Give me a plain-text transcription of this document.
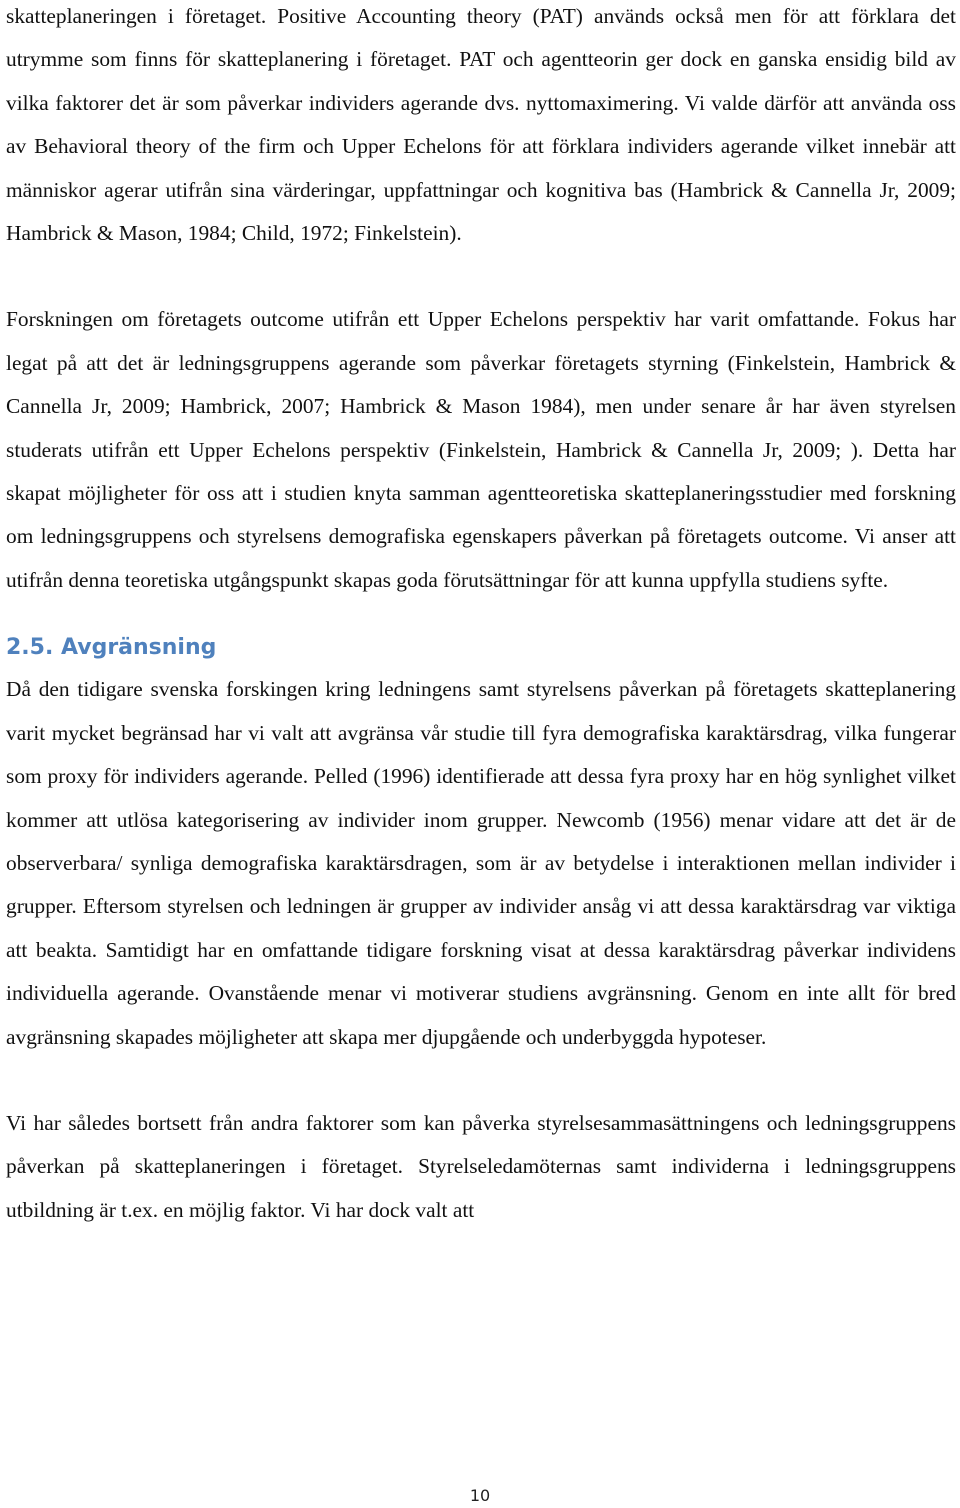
skatteplaneringen i företaget. Positive Accounting theory (PAT) används också men för att förklara det utrymme som finns för skatteplanering i företaget. PAT och agentteorin ger dock en ganska ensidig bild av vilka faktorer det är som påverkar individers agerande dvs. nyttomaximering. Vi valde därför att använda oss av Behavioral theory of the firm och Upper Echelons för att förklara individers agerande vilket innebär att människor agerar utifrån sina värderingar, uppfattningar och kognitiva bas (Hambrick & Cannella Jr, 2009; Hambrick & Mason, 1984; Child, 1972; Finkelstein).

Forskningen om företagets outcome utifrån ett Upper Echelons perspektiv har varit omfattande. Fokus har legat på att det är ledningsgruppens agerande som påverkar företagets styrning (Finkelstein, Hambrick & Cannella Jr, 2009; Hambrick, 2007; Hambrick & Mason 1984), men under senare år har även styrelsen studerats utifrån ett Upper Echelons perspektiv (Finkelstein, Hambrick & Cannella Jr, 2009; ). Detta har skapat möjligheter för oss att i studien knyta samman agentteoretiska skatteplaneringsstudier med forskning om ledningsgruppens och styrelsens demografiska egenskapers påverkan på företagets outcome. Vi anser att utifrån denna teoretiska utgångspunkt skapas goda förutsättningar för att kunna uppfylla studiens syfte.

2.5. Avgränsning

Då den tidigare svenska forskingen kring ledningens samt styrelsens påverkan på företagets skatteplanering varit mycket begränsad har vi valt att avgränsa vår studie till fyra demografiska karaktärsdrag, vilka fungerar som proxy för individers agerande. Pelled (1996) identifierade att dessa fyra proxy har en hög synlighet vilket kommer att utlösa kategorisering av individer inom grupper. Newcomb (1956) menar vidare att det är de observerbara/ synliga demografiska karaktärsdragen, som är av betydelse i interaktionen mellan individer i grupper. Eftersom styrelsen och ledningen är grupper av individer ansåg vi att dessa karaktärsdrag var viktiga att beakta. Samtidigt har en omfattande tidigare forskning visat at dessa karaktärsdrag påverkar individens individuella agerande. Ovanstående menar vi motiverar studiens avgränsning. Genom en inte allt för bred avgränsning skapades möjligheter att skapa mer djupgående och underbyggda hypoteser.

Vi har således bortsett från andra faktorer som kan påverka styrelsesammasättningens och ledningsgruppens påverkan på skatteplaneringen i företaget. Styrelseledamöternas samt individerna i ledningsgruppens utbildning är t.ex. en möjlig faktor. Vi har dock valt att

10
